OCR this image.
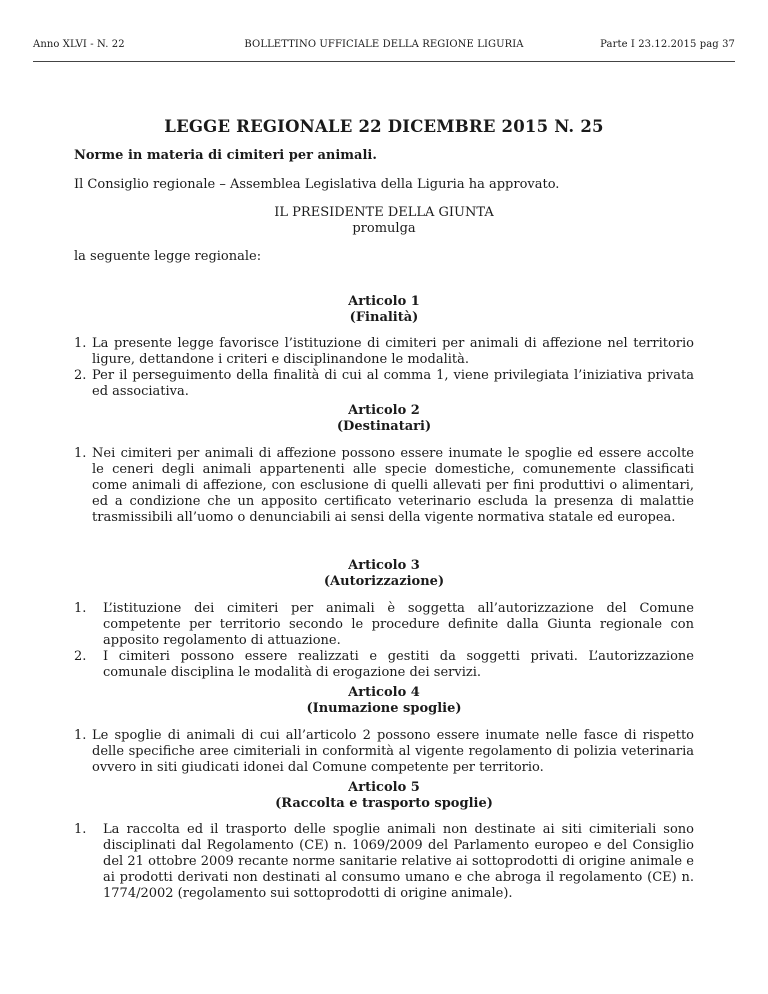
Anno XLVI - N. 22	BOLLETTINO UFFICIALE DELLA REGIONE LIGURIA	Parte I 23.12.2015 pag 37
LEGGE REGIONALE 22 DICEMBRE 2015 N. 25
Norme in materia di cimiteri per animali.
Il Consiglio regionale – Assemblea Legislativa della Liguria ha approvato.
IL PRESIDENTE DELLA GIUNTA
promulga
la seguente legge regionale:
Articolo 1
(Finalità)
1. La presente legge favorisce l’istituzione di cimiteri per animali di affezione nel territorio ligure, dettandone i criteri e disciplinandone le modalità.
2. Per il perseguimento della finalità di cui al comma 1, viene privilegiata l’iniziativa privata ed associativa.
Articolo 2
(Destinatari)
1. Nei cimiteri per animali di affezione possono essere inumate le spoglie ed essere accolte le ceneri degli animali appartenenti alle specie domestiche, comunemente classificati come animali di affezione, con esclusione di quelli allevati per fini produttivi o alimentari, ed a condizione che un apposito certificato veterinario escluda la presenza di malattie trasmissibili all’uomo o denunciabili ai sensi della vigente normativa statale ed europea.
Articolo 3
(Autorizzazione)
1. L’istituzione dei cimiteri per animali è soggetta all’autorizzazione del Comune competente per territorio secondo le procedure definite dalla Giunta regionale con apposito regolamento di attuazione.
2. I cimiteri possono essere realizzati e gestiti da soggetti privati. L’autorizzazione comunale disciplina le modalità di erogazione dei servizi.
Articolo 4
(Inumazione spoglie)
1. Le spoglie di animali di cui all’articolo 2 possono essere inumate nelle fasce di rispetto delle specifiche aree cimiteriali in conformità al vigente regolamento di polizia veterinaria ovvero in siti giudicati idonei dal Comune competente per territorio.
Articolo 5
(Raccolta e trasporto spoglie)
1. La raccolta ed il trasporto delle spoglie animali non destinate ai siti cimiteriali sono disciplinati dal Regolamento (CE) n. 1069/2009 del Parlamento europeo e del Consiglio del 21 ottobre 2009 recante norme sanitarie relative ai sottoprodotti di origine animale e ai prodotti derivati non destinati al consumo umano e che abroga il regolamento (CE) n. 1774/2002 (regolamento sui sottoprodotti di origine animale).
